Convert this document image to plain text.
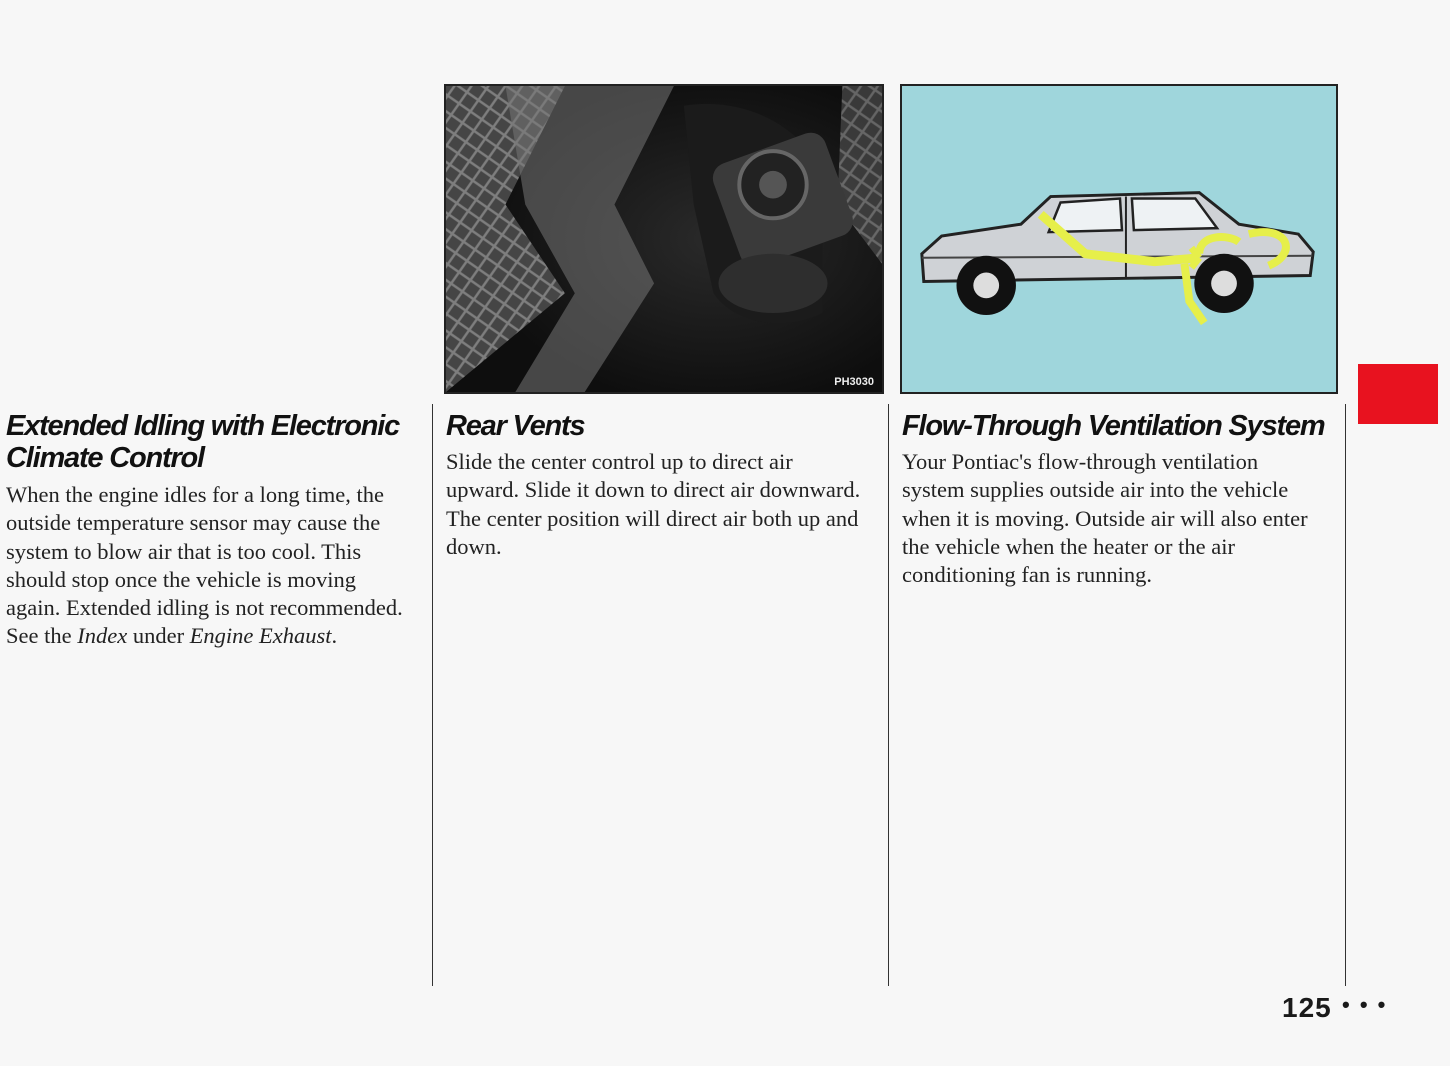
Extended Idling with Electronic Climate Control

When the engine idles for a long time, the outside temperature sensor may cause the system to blow air that is too cool. This should stop once the vehicle is moving again. Extended idling is not recommended. See the Index under Engine Exhaust.

PH3030
Rear Vents

Slide the center control up to direct air upward. Slide it down to direct air downward. The center position will direct air both up and down.

Flow-Through Ventilation System

Your Pontiac's flow-through ventilation system supplies outside air into the vehicle when it is moving. Outside air will also enter the vehicle when the heater or the air conditioning fan is running.

125 • • •
